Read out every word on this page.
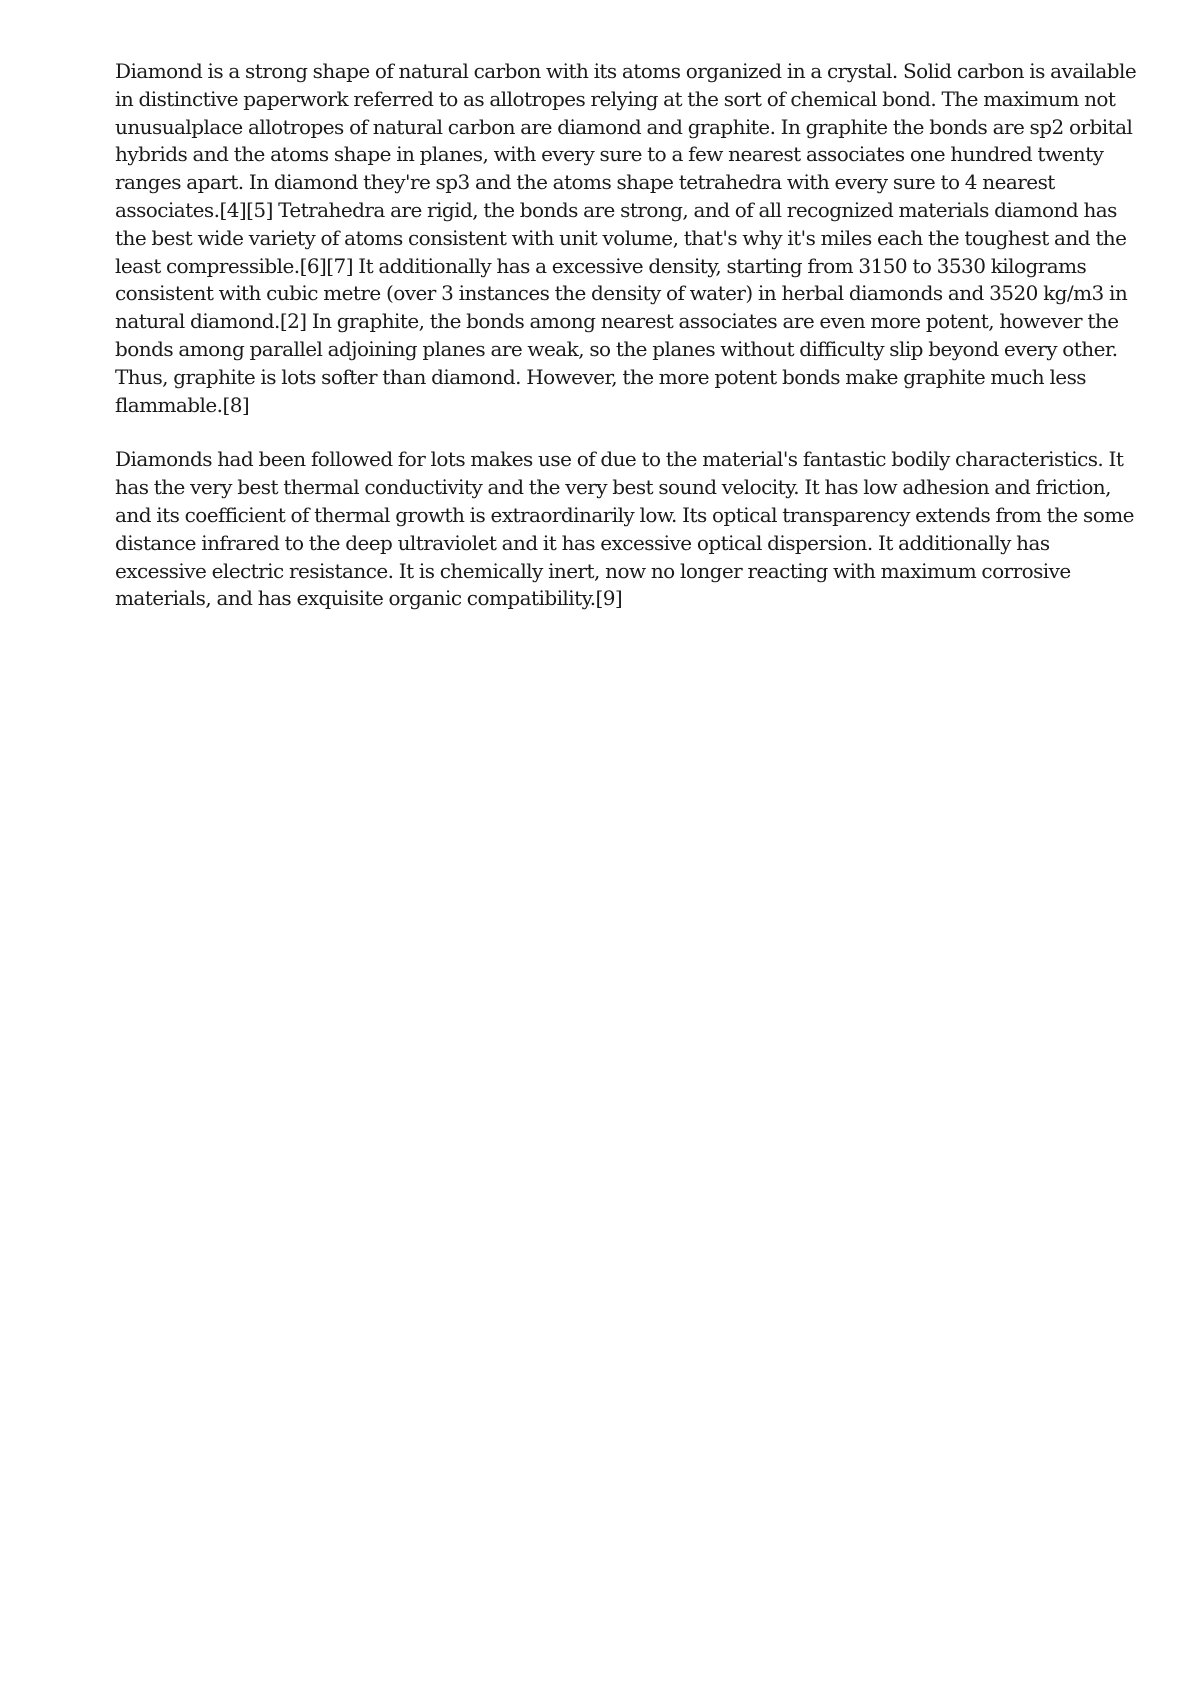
Diamond is a strong shape of natural carbon with its atoms organized in a crystal. Solid carbon is available in distinctive paperwork referred to as allotropes relying at the sort of chemical bond. The maximum not unusualplace allotropes of natural carbon are diamond and graphite. In graphite the bonds are sp2 orbital hybrids and the atoms shape in planes, with every sure to a few nearest associates one hundred twenty ranges apart. In diamond they're sp3 and the atoms shape tetrahedra with every sure to 4 nearest associates.[4][5] Tetrahedra are rigid, the bonds are strong, and of all recognized materials diamond has the best wide variety of atoms consistent with unit volume, that's why it's miles each the toughest and the least compressible.[6][7] It additionally has a excessive density, starting from 3150 to 3530 kilograms consistent with cubic metre (over 3 instances the density of water) in herbal diamonds and 3520 kg/m3 in natural diamond.[2] In graphite, the bonds among nearest associates are even more potent, however the bonds among parallel adjoining planes are weak, so the planes without difficulty slip beyond every other. Thus, graphite is lots softer than diamond. However, the more potent bonds make graphite much less flammable.[8]

Diamonds had been followed for lots makes use of due to the material's fantastic bodily characteristics. It has the very best thermal conductivity and the very best sound velocity. It has low adhesion and friction, and its coefficient of thermal growth is extraordinarily low. Its optical transparency extends from the some distance infrared to the deep ultraviolet and it has excessive optical dispersion. It additionally has excessive electric resistance. It is chemically inert, now no longer reacting with maximum corrosive materials, and has exquisite organic compatibility.[9]
